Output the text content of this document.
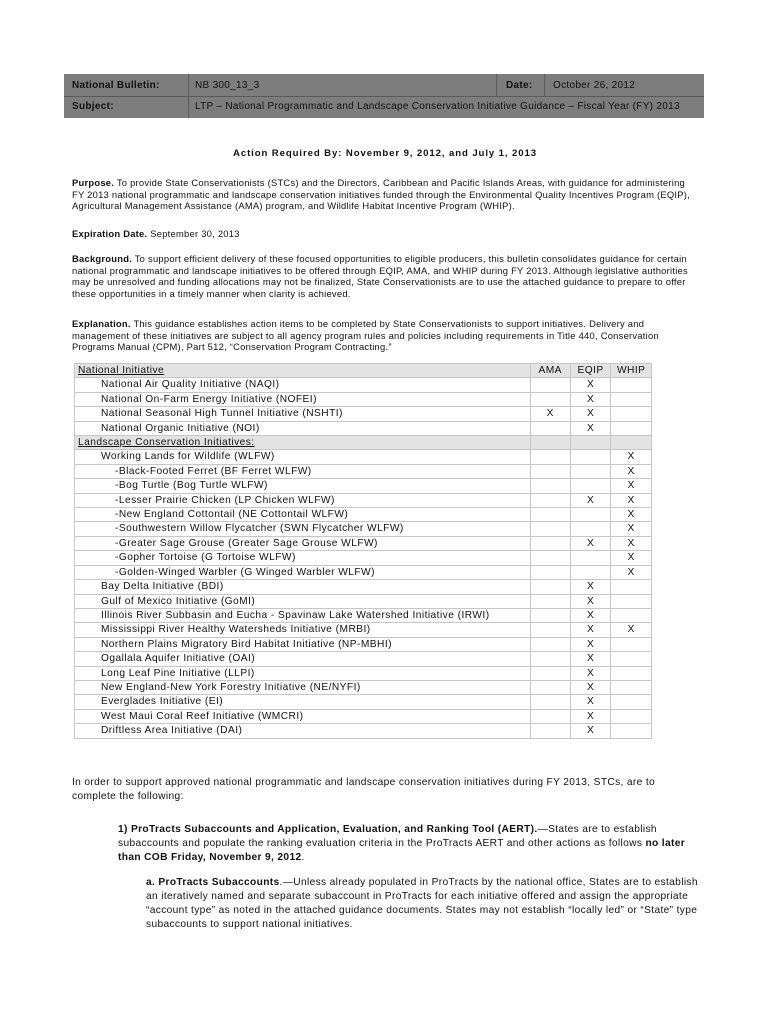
National Bulletin:	NB 300_13_3	Date: October 26, 2012
Subject:	LTP – National Programmatic and Landscape Conservation Initiative Guidance – Fiscal Year (FY) 2013
Action Required By: November 9, 2012, and July 1, 2013
Purpose. To provide State Conservationists (STCs) and the Directors, Caribbean and Pacific Islands Areas, with guidance for administering FY 2013 national programmatic and landscape conservation initiatives funded through the Environmental Quality Incentives Program (EQIP), Agricultural Management Assistance (AMA) program, and Wildlife Habitat Incentive Program (WHIP).
Expiration Date. September 30, 2013
Background. To support efficient delivery of these focused opportunities to eligible producers, this bulletin consolidates guidance for certain national programmatic and landscape initiatives to be offered through EQIP, AMA, and WHIP during FY 2013. Although legislative authorities may be unresolved and funding allocations may not be finalized, State Conservationists are to use the attached guidance to prepare to offer these opportunities in a timely manner when clarity is achieved.
Explanation. This guidance establishes action items to be completed by State Conservationists to support initiatives. Delivery and management of these initiatives are subject to all agency program rules and policies including requirements in Title 440, Conservation Programs Manual (CPM), Part 512, “Conservation Program Contracting.”
National Initiative	AMA	EQIP	WHIP
National Air Quality Initiative (NAQI)		X	
National On-Farm Energy Initiative (NOFEI)		X	
National Seasonal High Tunnel Initiative (NSHTI)	X	X	
National Organic Initiative (NOI)		X	
Landscape Conservation Initiatives:			
Working Lands for Wildlife (WLFW)			X
-Black-Footed Ferret (BF Ferret WLFW)			X
-Bog Turtle (Bog Turtle WLFW)			X
-Lesser Prairie Chicken (LP Chicken WLFW)		X	X
-New England Cottontail (NE Cottontail WLFW)			X
-Southwestern Willow Flycatcher (SWN Flycatcher WLFW)			X
-Greater Sage Grouse (Greater Sage Grouse WLFW)		X	X
-Gopher Tortoise (G Tortoise WLFW)			X
-Golden-Winged Warbler (G Winged Warbler WLFW)			X
Bay Delta Initiative (BDI)		X	
Gulf of Mexico Initiative (GoMI)		X	
Illinois River Subbasin and Eucha - Spavinaw Lake Watershed Initiative (IRWI)		X	
Mississippi River Healthy Watersheds Initiative (MRBI)		X	X
Northern Plains Migratory Bird Habitat Initiative (NP-MBHI)		X	
Ogallala Aquifer Initiative (OAI)		X	
Long Leaf Pine Initiative (LLPI)		X	
New England-New York Forestry Initiative (NE/NYFI)		X	
Everglades Initiative (EI)		X	
West Maui Coral Reef Initiative (WMCRI)		X	
Driftless Area Initiative (DAI)		X	
In order to support approved national programmatic and landscape conservation initiatives during FY 2013, STCs, are to complete the following:
1) ProTracts Subaccounts and Application, Evaluation, and Ranking Tool (AERT).—States are to establish subaccounts and populate the ranking evaluation criteria in the ProTracts AERT and other actions as follows no later than COB Friday, November 9, 2012.
a. ProTracts Subaccounts.—Unless already populated in ProTracts by the national office, States are to establish an iteratively named and separate subaccount in ProTracts for each initiative offered and assign the appropriate “account type” as noted in the attached guidance documents. States may not establish “locally led” or “State” type subaccounts to support national initiatives.
